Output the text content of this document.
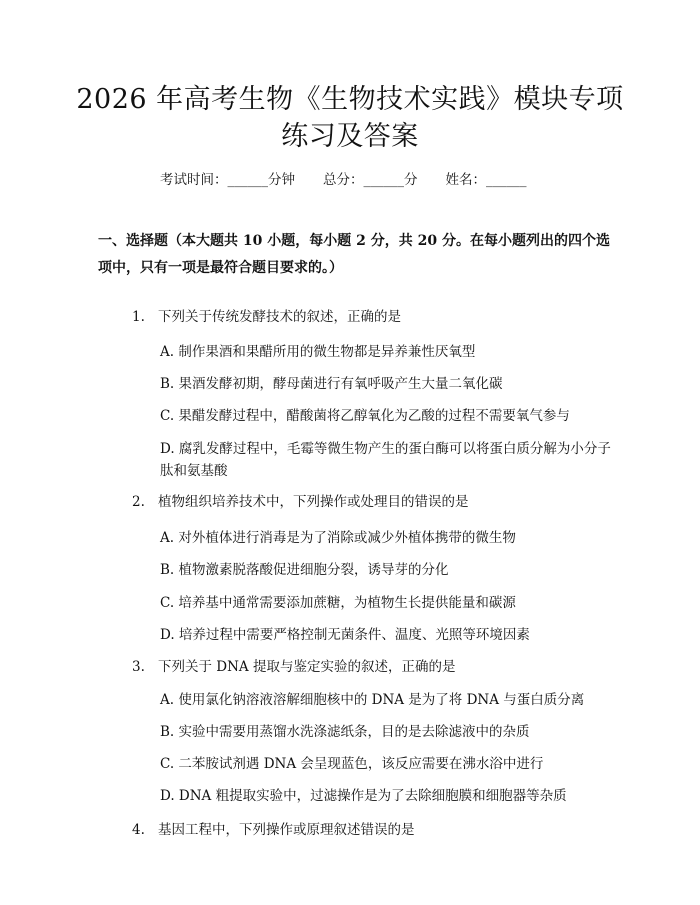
2026 年高考生物《生物技术实践》模块专项
练习及答案
考试时间：______分钟 总分：______分 姓名：______
一、选择题（本大题共 10 小题，每小题 2 分，共 20 分。在每小题列出的四个选
项中，只有一项是最符合题目要求的。）
1. 下列关于传统发酵技术的叙述，正确的是
A. 制作果酒和果醋所用的微生物都是异养兼性厌氧型
B. 果酒发酵初期，酵母菌进行有氧呼吸产生大量二氧化碳
C. 果醋发酵过程中，醋酸菌将乙醇氧化为乙酸的过程不需要氧气参与
D. 腐乳发酵过程中，毛霉等微生物产生的蛋白酶可以将蛋白质分解为小分子肽和氨基酸
2. 植物组织培养技术中，下列操作或处理目的错误的是
A. 对外植体进行消毒是为了消除或减少外植体携带的微生物
B. 植物激素脱落酸促进细胞分裂，诱导芽的分化
C. 培养基中通常需要添加蔗糖，为植物生长提供能量和碳源
D. 培养过程中需要严格控制无菌条件、温度、光照等环境因素
3. 下列关于 DNA 提取与鉴定实验的叙述，正确的是
A. 使用氯化钠溶液溶解细胞核中的 DNA 是为了将 DNA 与蛋白质分离
B. 实验中需要用蒸馏水洗涤滤纸条，目的是去除滤液中的杂质
C. 二苯胺试剂遇 DNA 会呈现蓝色，该反应需要在沸水浴中进行
D. DNA 粗提取实验中，过滤操作是为了去除细胞膜和细胞器等杂质
4. 基因工程中，下列操作或原理叙述错误的是
